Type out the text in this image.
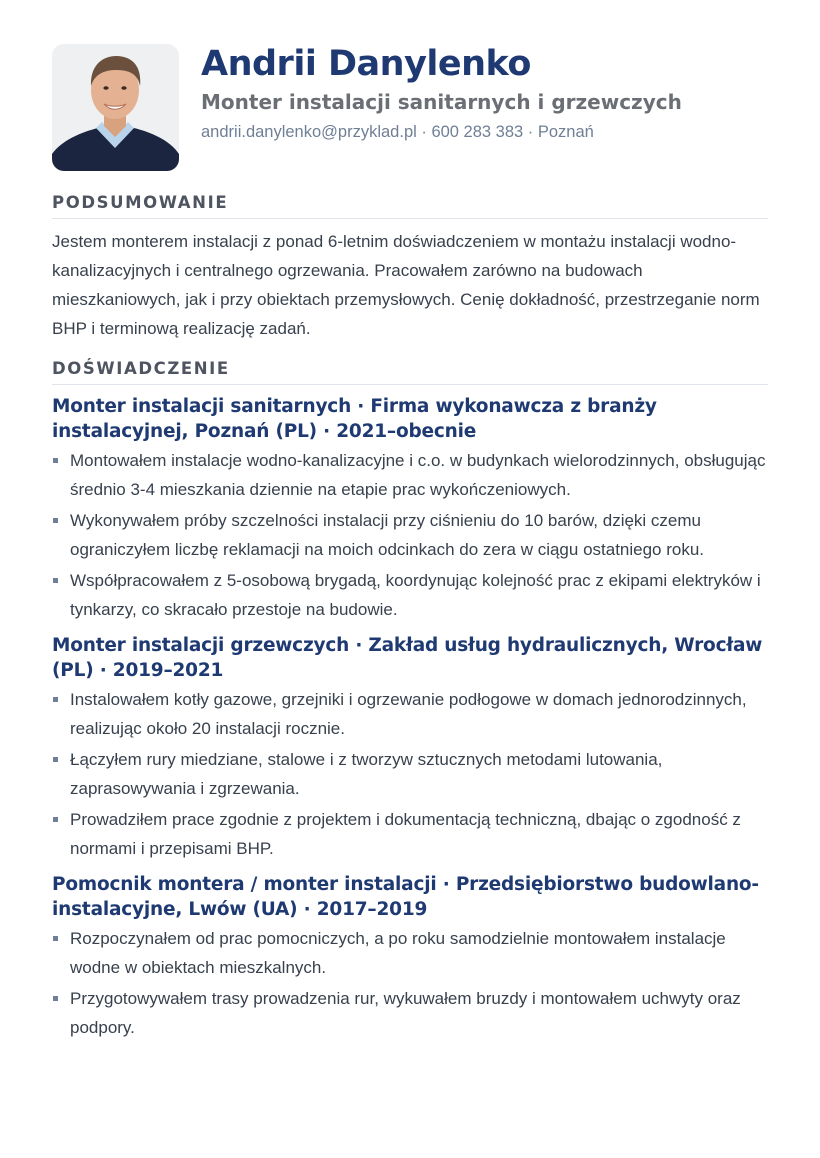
Andrii Danylenko
Monter instalacji sanitarnych i grzewczych
andrii.danylenko@przyklad.pl · 600 283 383 · Poznań
PODSUMOWANIE

Jestem monterem instalacji z ponad 6-letnim doświadczeniem w montażu instalacji wodno-kanalizacyjnych i centralnego ogrzewania. Pracowałem zarówno na budowach mieszkaniowych, jak i przy obiektach przemysłowych. Cenię dokładność, przestrzeganie norm BHP i terminową realizację zadań.

DOŚWIADCZENIE
Monter instalacji sanitarnych · Firma wykonawcza z branży instalacyjnej, Poznań (PL) · 2021–obecnie
Montowałem instalacje wodno-kanalizacyjne i c.o. w budynkach wielorodzinnych, obsługując średnio 3-4 mieszkania dziennie na etapie prac wykończeniowych.
Wykonywałem próby szczelności instalacji przy ciśnieniu do 10 barów, dzięki czemu ograniczyłem liczbę reklamacji na moich odcinkach do zera w ciągu ostatniego roku.
Współpracowałem z 5-osobową brygadą, koordynując kolejność prac z ekipami elektryków i tynkarzy, co skracało przestoje na budowie.
Monter instalacji grzewczych · Zakład usług hydraulicznych, Wrocław (PL) · 2019–2021
Instalowałem kotły gazowe, grzejniki i ogrzewanie podłogowe w domach jednorodzinnych, realizując około 20 instalacji rocznie.
Łączyłem rury miedziane, stalowe i z tworzyw sztucznych metodami lutowania, zaprasowywania i zgrzewania.
Prowadziłem prace zgodnie z projektem i dokumentacją techniczną, dbając o zgodność z normami i przepisami BHP.
Pomocnik montera / monter instalacji · Przedsiębiorstwo budowlano-instalacyjne, Lwów (UA) · 2017–2019
Rozpoczynałem od prac pomocniczych, a po roku samodzielnie montowałem instalacje wodne w obiektach mieszkalnych.
Przygotowywałem trasy prowadzenia rur, wykuwałem bruzdy i montowałem uchwyty oraz podpory.
